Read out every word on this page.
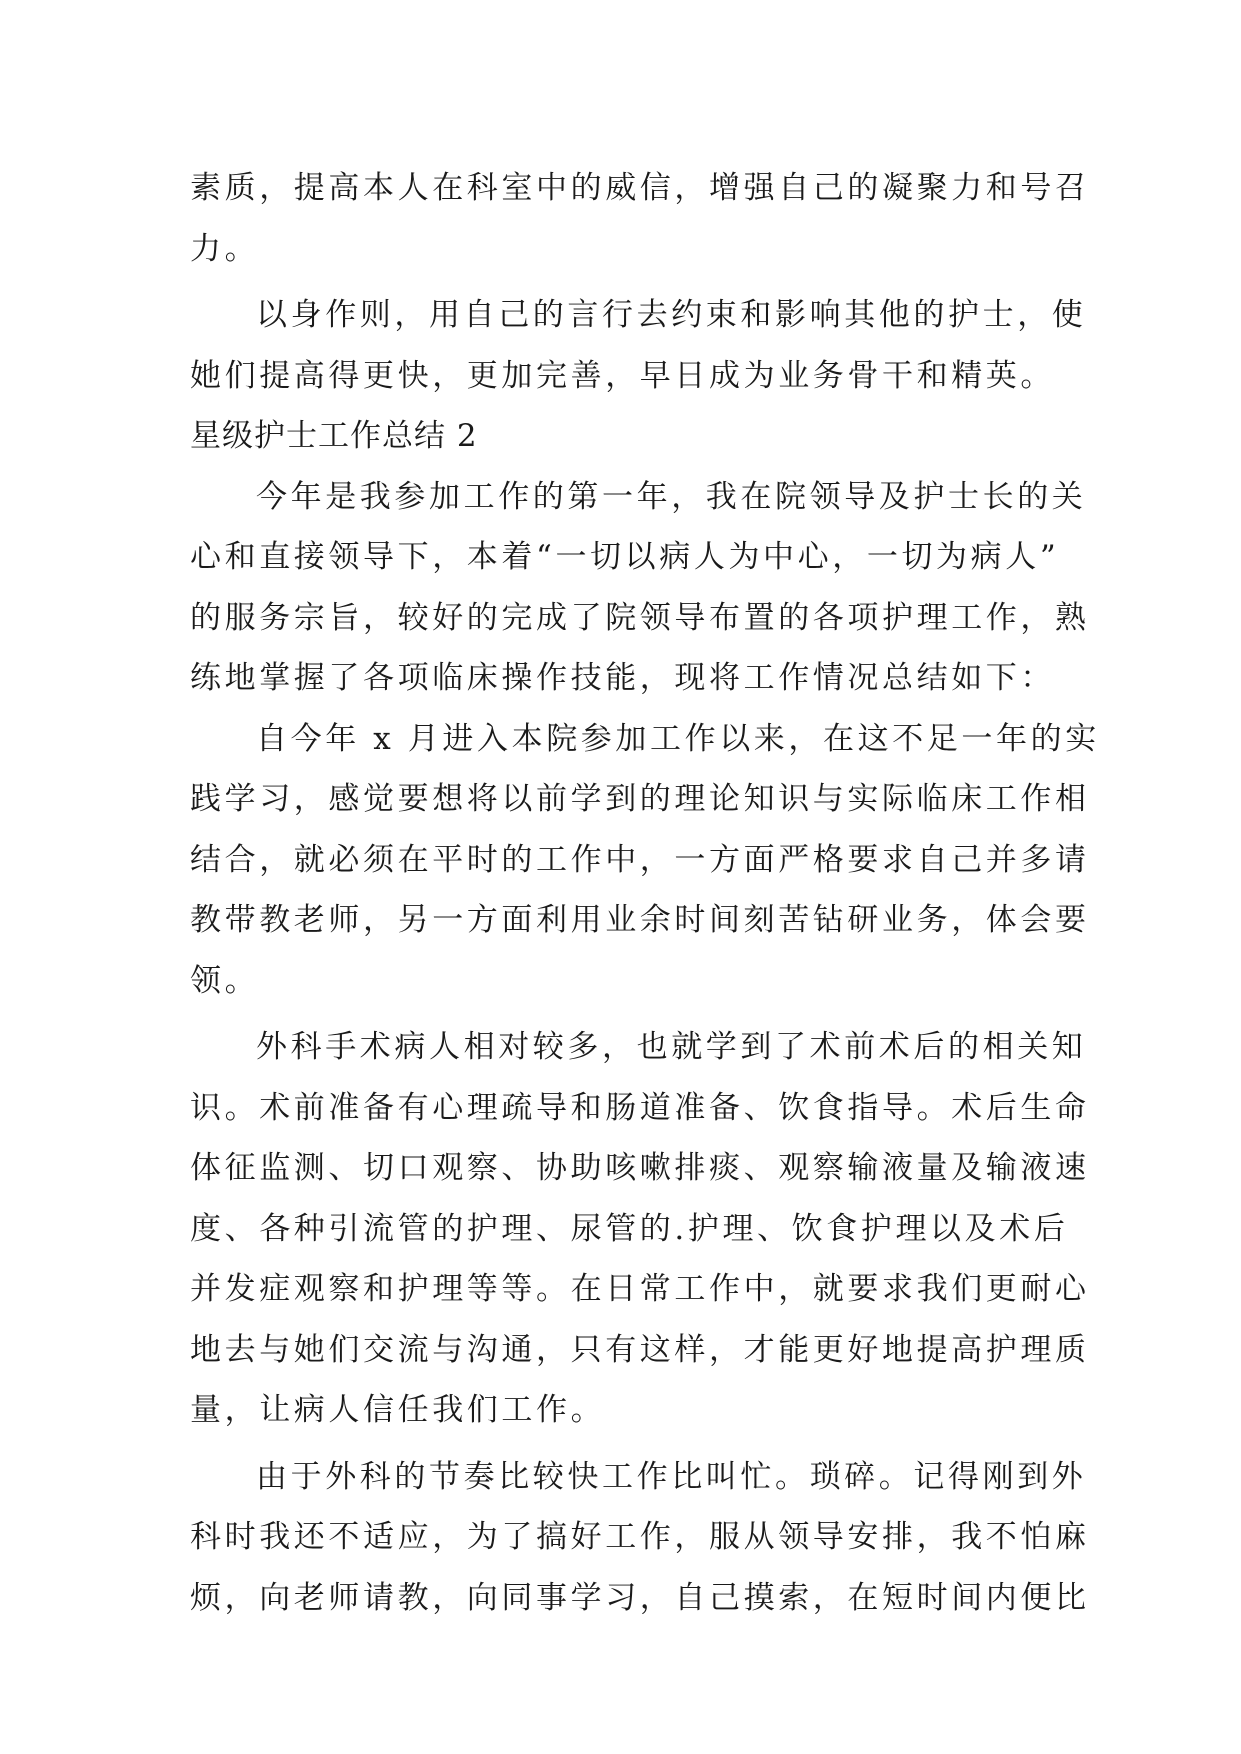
素质，提高本人在科室中的威信，增强自己的凝聚力和号召
力。
以身作则，用自己的言行去约束和影响其他的护士，使
她们提高得更快，更加完善，早日成为业务骨干和精英。
星级护士工作总结 2
今年是我参加工作的第一年，我在院领导及护士长的关
心和直接领导下，本着“一切以病人为中心，一切为病人”
的服务宗旨，较好的完成了院领导布置的各项护理工作，熟
练地掌握了各项临床操作技能，现将工作情况总结如下：
自今年 x 月进入本院参加工作以来，在这不足一年的实
践学习，感觉要想将以前学到的理论知识与实际临床工作相
结合，就必须在平时的工作中，一方面严格要求自己并多请
教带教老师，另一方面利用业余时间刻苦钻研业务，体会要
领。
外科手术病人相对较多，也就学到了术前术后的相关知
识。术前准备有心理疏导和肠道准备、饮食指导。术后生命
体征监测、切口观察、协助咳嗽排痰、观察输液量及输液速
度、各种引流管的护理、尿管的.护理、饮食护理以及术后
并发症观察和护理等等。在日常工作中，就要求我们更耐心
地去与她们交流与沟通，只有这样，才能更好地提高护理质
量，让病人信任我们工作。
由于外科的节奏比较快工作比叫忙。琐碎。记得刚到外
科时我还不适应，为了搞好工作，服从领导安排，我不怕麻
烦，向老师请教，向同事学习，自己摸索，在短时间内便比
